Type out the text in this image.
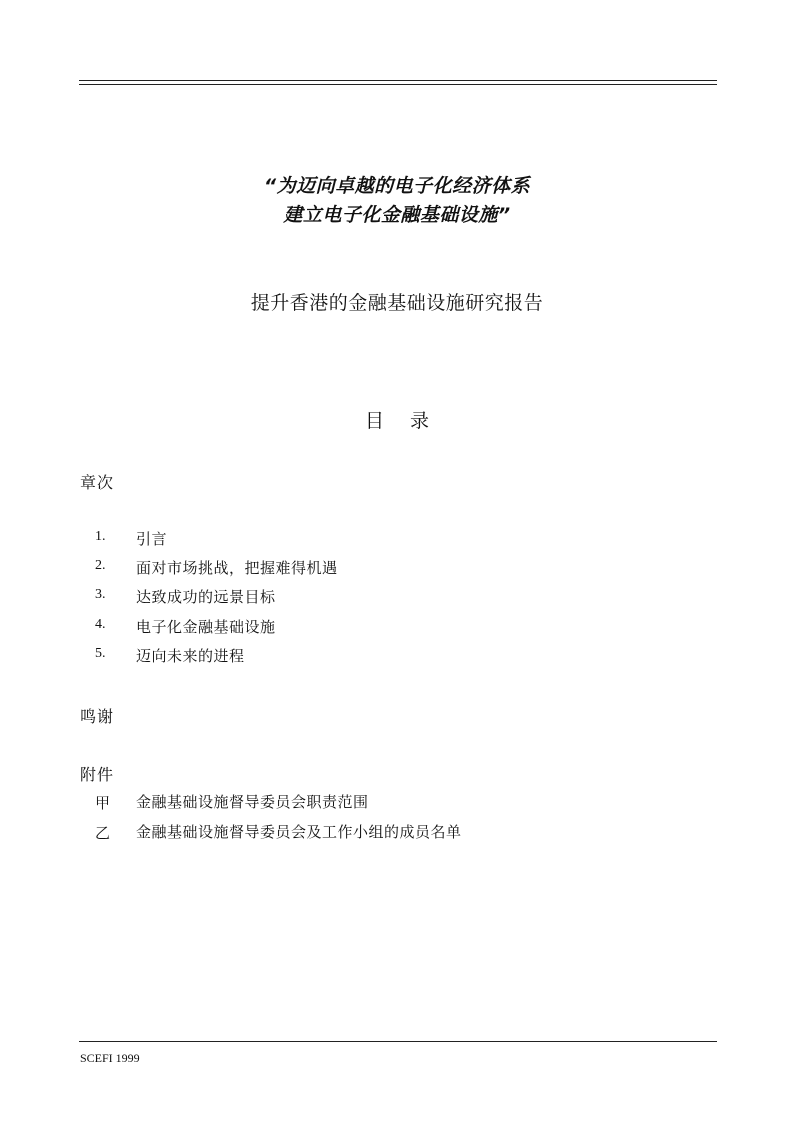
“为迈向卓越的电子化经济体系
建立电子化金融基础设施”
提升香港的金融基础设施研究报告
目 录
章次
1.	引言
2.	面对市场挑战，把握难得机遇
3.	达致成功的远景目标
4.	电子化金融基础设施
5.	迈向未来的进程
鸣谢
附件
甲	金融基础设施督导委员会职责范围
乙	金融基础设施督导委员会及工作小组的成员名单
SCEFI 1999
